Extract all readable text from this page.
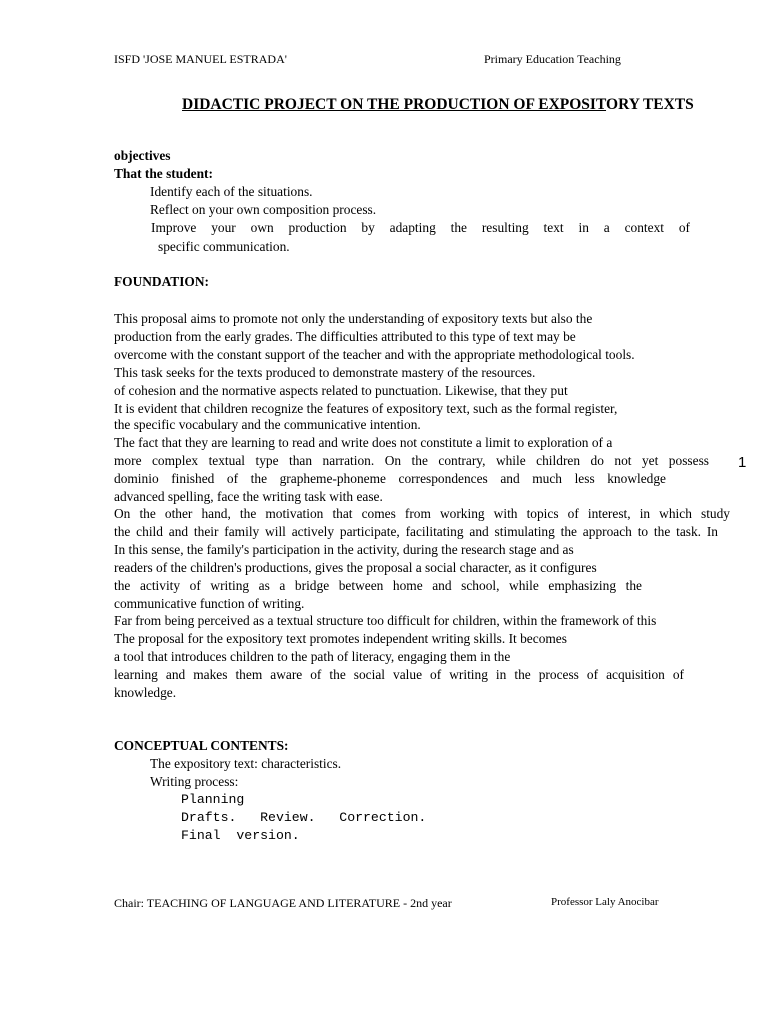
ISFD 'JOSE MANUEL ESTRADA'	Primary Education Teaching
DIDACTIC PROJECT ON THE PRODUCTION OF EXPOSITORY TEXTS
objectives
That the student:
Identify each of the situations.
Reflect on your own composition process.
Improve your own production by adapting the resulting text in a context of
specific communication.
FOUNDATION:
This proposal aims to promote not only the understanding of expository texts but also the
production from the early grades. The difficulties attributed to this type of text may be
overcome with the constant support of the teacher and with the appropriate methodological tools.
This task seeks for the texts produced to demonstrate mastery of the resources.
of cohesion and the normative aspects related to punctuation. Likewise, that they put
It is evident that children recognize the features of expository text, such as the formal register,
the specific vocabulary and the communicative intention.
The fact that they are learning to read and write does not constitute a limit to exploration of a
more complex textual type than narration. On the contrary, while children do not yet possess
dominio finished of the grapheme-phoneme correspondences and much less knowledge
advanced spelling, face the writing task with ease.
On the other hand, the motivation that comes from working with topics of interest, in which study
the child and their family will actively participate, facilitating and stimulating the approach to the task. In
In this sense, the family's participation in the activity, during the research stage and as
readers of the children's productions, gives the proposal a social character, as it configures
the activity of writing as a bridge between home and school, while emphasizing the
communicative function of writing.
Far from being perceived as a textual structure too difficult for children, within the framework of this
The proposal for the expository text promotes independent writing skills. It becomes
a tool that introduces children to the path of literacy, engaging them in the
learning and makes them aware of the social value of writing in the process of acquisition of
knowledge.
CONCEPTUAL CONTENTS:
The expository text: characteristics.
Writing process:
Planning
Drafts.   Review.   Correction.
Final  version.
1
Chair: TEACHING OF LANGUAGE AND LITERATURE - 2nd year	Professor Laly Anocibar
